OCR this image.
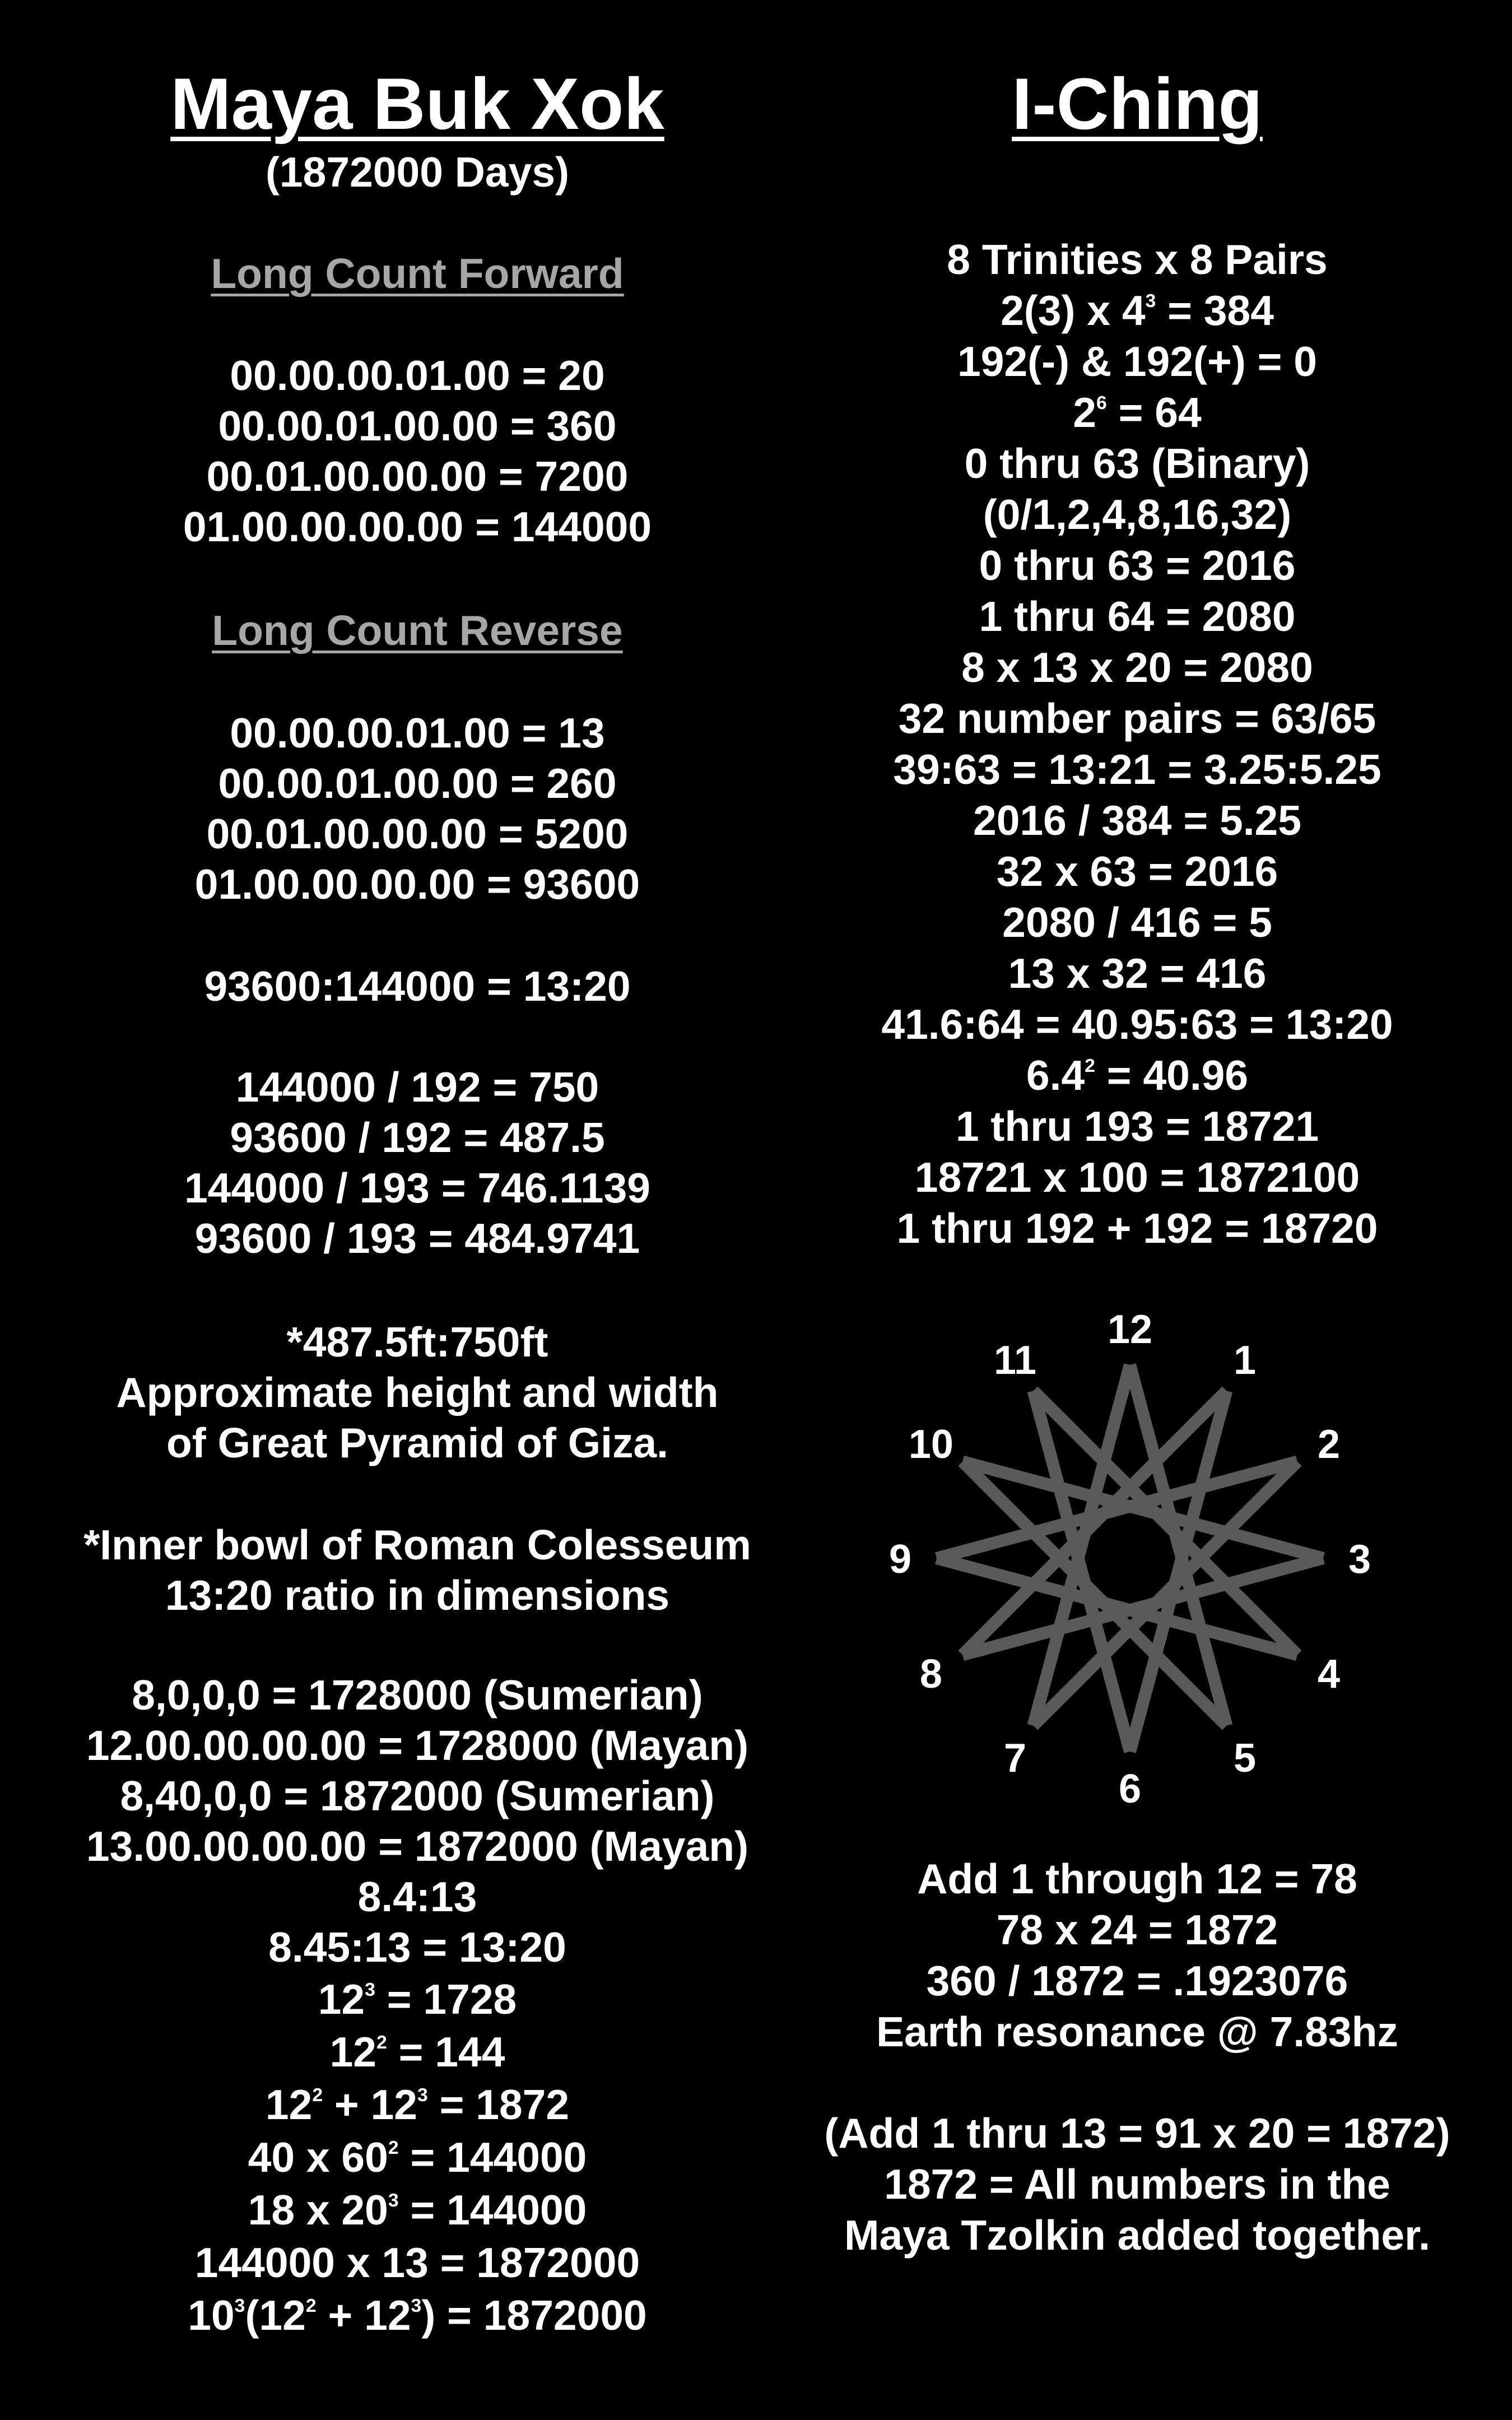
Maya Buk Xok
(1872000 Days)
Long Count Forward
00.00.00.01.00 = 20
00.00.01.00.00 = 360
00.01.00.00.00 = 7200
01.00.00.00.00 = 144000
Long Count Reverse
00.00.00.01.00 = 13
00.00.01.00.00 = 260
00.01.00.00.00 = 5200
01.00.00.00.00 = 93600
93600:144000 = 13:20
144000 / 192 = 750
93600 / 192 = 487.5
144000 / 193 = 746.1139
93600 / 193 = 484.9741
*487.5ft:750ft
Approximate height and width
of Great Pyramid of Giza.
*Inner bowl of Roman Colesseum
13:20 ratio in dimensions
8,0,0,0 = 1728000 (Sumerian)
12.00.00.00.00 = 1728000 (Mayan)
8,40,0,0 = 1872000 (Sumerian)
13.00.00.00.00 = 1872000 (Mayan)
8.4:13
8.45:13 = 13:20
$12^3 = 1728$
$12^2 = 144$
$12^2 + 12^3 = 1872$
40 x $60^2 = 144000$
18 x $20^3 = 144000$
144000 x 13 = 1872000
$10^3(12^2 + 12^3) = 1872000$
I-Ching
8 Trinities x 8 Pairs
2(3) x $4^3 = 384$
192(-) & 192(+) = 0
$2^6 = 64$
0 thru 63 (Binary)
(0/1,2,4,8,16,32)
0 thru 63 = 2016
1 thru 64 = 2080
8 x 13 x 20 = 2080
32 number pairs = 63/65
39:63 = 13:21 = 3.25:5.25
2016 / 384 = 5.25
32 x 63 = 2016
2080 / 416 = 5
13 x 32 = 416
41.6:64 = 40.95:63 = 13:20
$6.4^2 = 40.96$
1 thru 193 = 18721
18721 x 100 = 1872100
1 thru 192 + 192 = 18720
Add 1 through 12 = 78
78 x 24 = 1872
360 / 1872 = .1923076
Earth resonance @ 7.83hz
(Add 1 thru 13 = 91 x 20 = 1872)
1872 = All numbers in the
Maya Tzolkin added together.
12
1
2
3
4
5
6
7
8
9
10
11
